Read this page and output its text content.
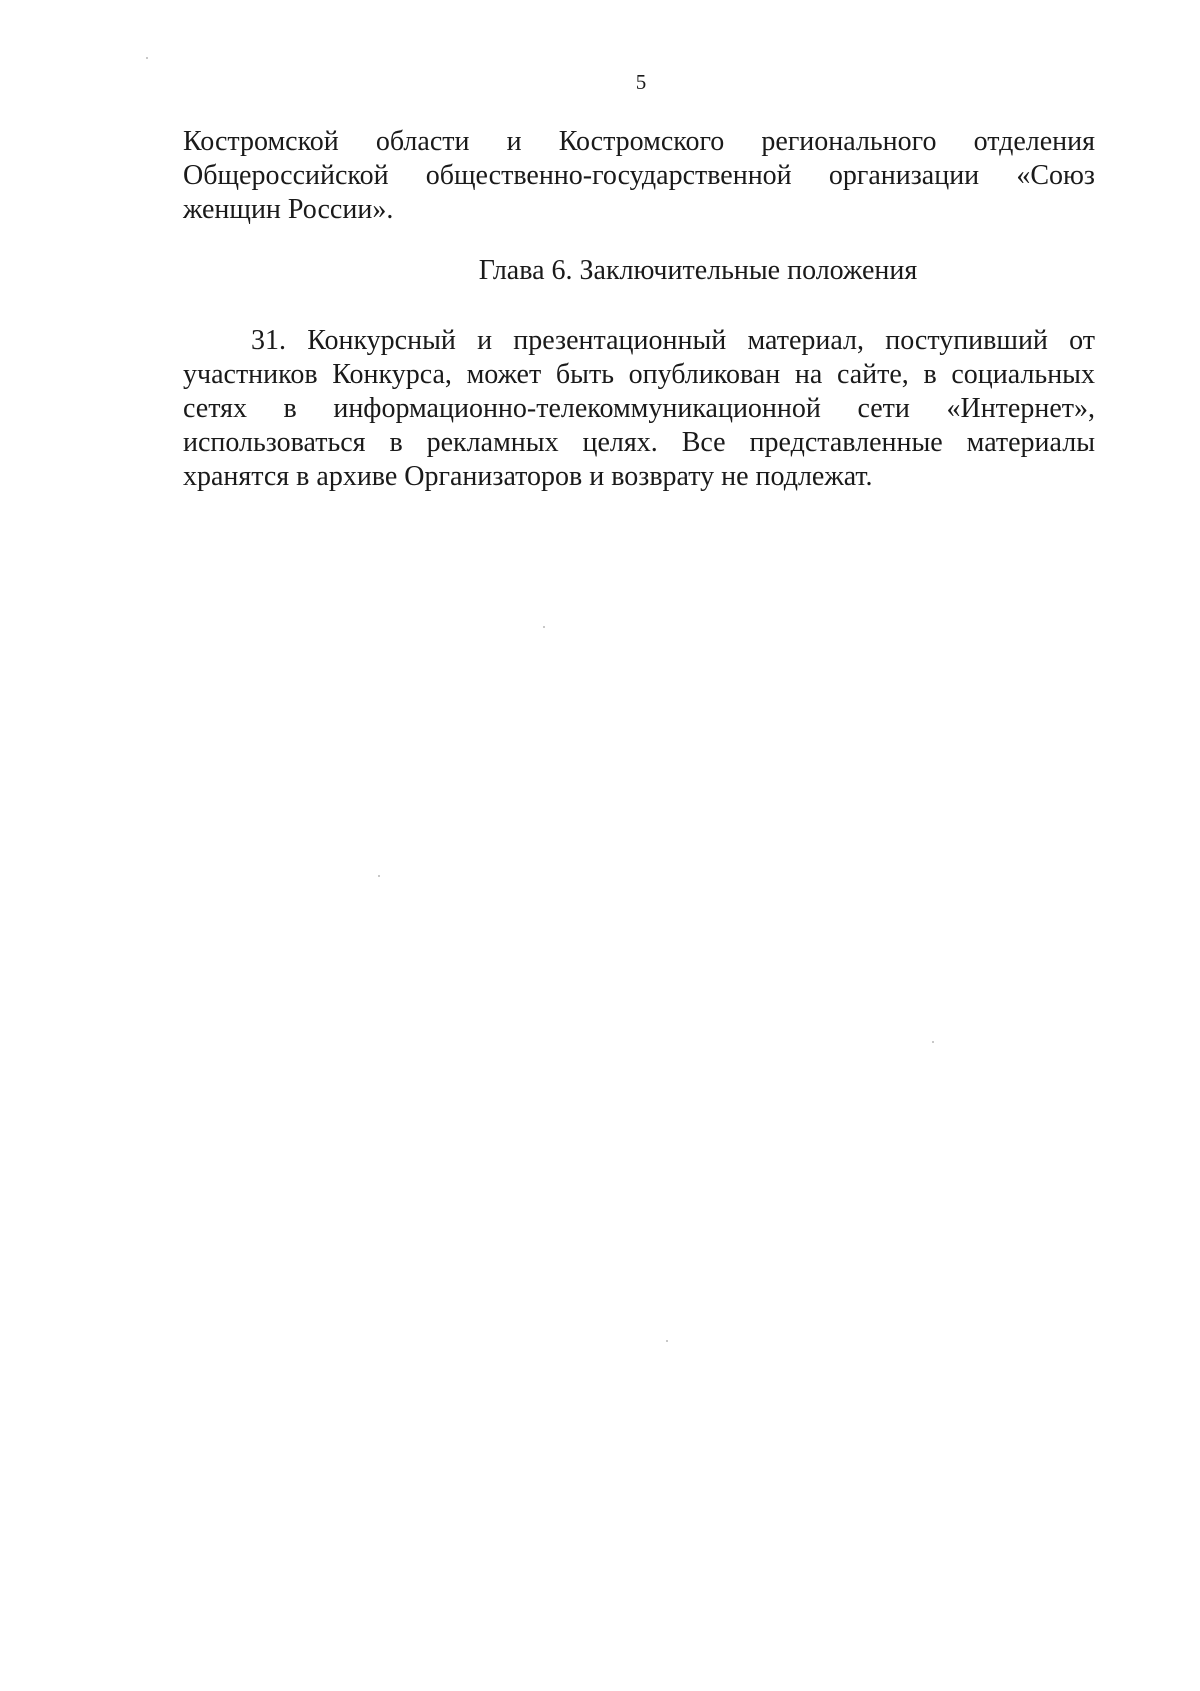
5
Костромской области и Костромского регионального отделения
Общероссийской общественно-государственной организации «Союз
женщин России».
Глава 6. Заключительные положения
31. Конкурсный и презентационный материал, поступивший от
участников Конкурса, может быть опубликован на сайте, в социальных
сетях в информационно-телекоммуникационной сети «Интернет»,
использоваться в рекламных целях. Все представленные материалы
хранятся в архиве Организаторов и возврату не подлежат.
